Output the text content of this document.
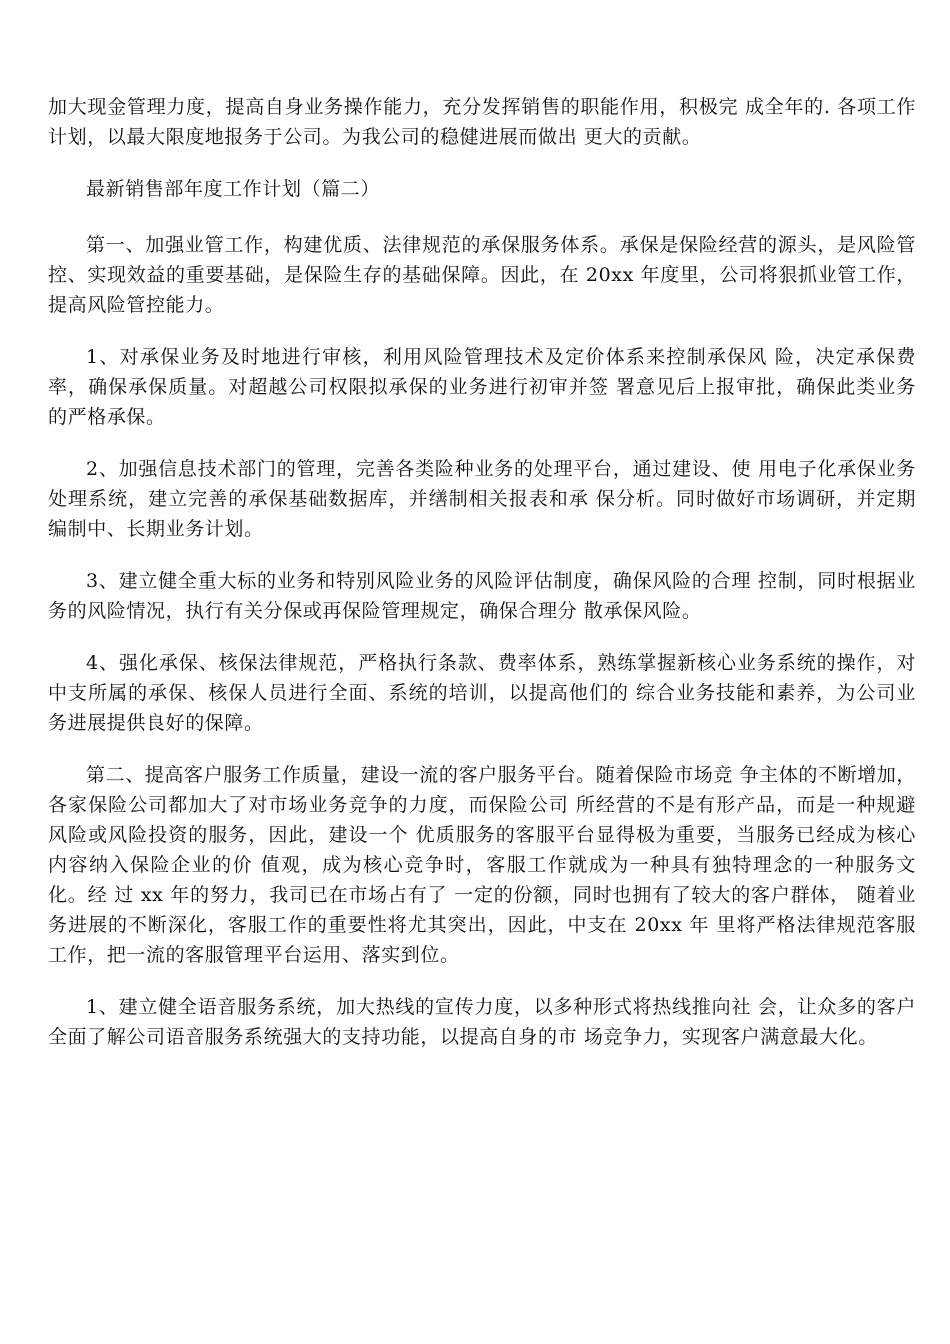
加大现金管理力度，提高自身业务操作能力，充分发挥销售的职能作用，积极完 成全年的. 各项工作计划，以最大限度地报务于公司。为我公司的稳健进展而做出 更大的贡献。

最新销售部年度工作计划（篇二）

第一、加强业管工作，构建优质、法律规范的承保服务体系。承保是保险经营的源头，是风险管控、实现效益的重要基础，是保险生存的基础保障。因此，在 20xx 年度里，公司将狠抓业管工作，提高风险管控能力。

1、对承保业务及时地进行审核，利用风险管理技术及定价体系来控制承保风 险，决定承保费率，确保承保质量。对超越公司权限拟承保的业务进行初审并签 署意见后上报审批，确保此类业务的严格承保。

2、加强信息技术部门的管理，完善各类险种业务的处理平台，通过建设、使 用电子化承保业务处理系统，建立完善的承保基础数据库，并缮制相关报表和承 保分析。同时做好市场调研，并定期编制中、长期业务计划。

3、建立健全重大标的业务和特别风险业务的风险评估制度，确保风险的合理 控制，同时根据业务的风险情况，执行有关分保或再保险管理规定，确保合理分 散承保风险。

4、强化承保、核保法律规范，严格执行条款、费率体系，熟练掌握新核心业务系统的操作，对中支所属的承保、核保人员进行全面、系统的培训，以提高他们的 综合业务技能和素养，为公司业务进展提供良好的保障。

第二、提高客户服务工作质量，建设一流的客户服务平台。随着保险市场竞 争主体的不断增加，各家保险公司都加大了对市场业务竞争的力度，而保险公司 所经营的不是有形产品，而是一种规避风险或风险投资的服务，因此，建设一个 优质服务的客服平台显得极为重要，当服务已经成为核心内容纳入保险企业的价 值观，成为核心竞争时，客服工作就成为一种具有独特理念的一种服务文化。经 过 xx 年的努力，我司已在市场占有了 一定的份额，同时也拥有了较大的客户群体， 随着业务进展的不断深化，客服工作的重要性将尤其突出，因此，中支在 20xx 年 里将严格法律规范客服工作，把一流的客服管理平台运用、落实到位。

1、建立健全语音服务系统，加大热线的宣传力度，以多种形式将热线推向社 会，让众多的客户全面了解公司语音服务系统强大的支持功能，以提高自身的市 场竞争力，实现客户满意最大化。
